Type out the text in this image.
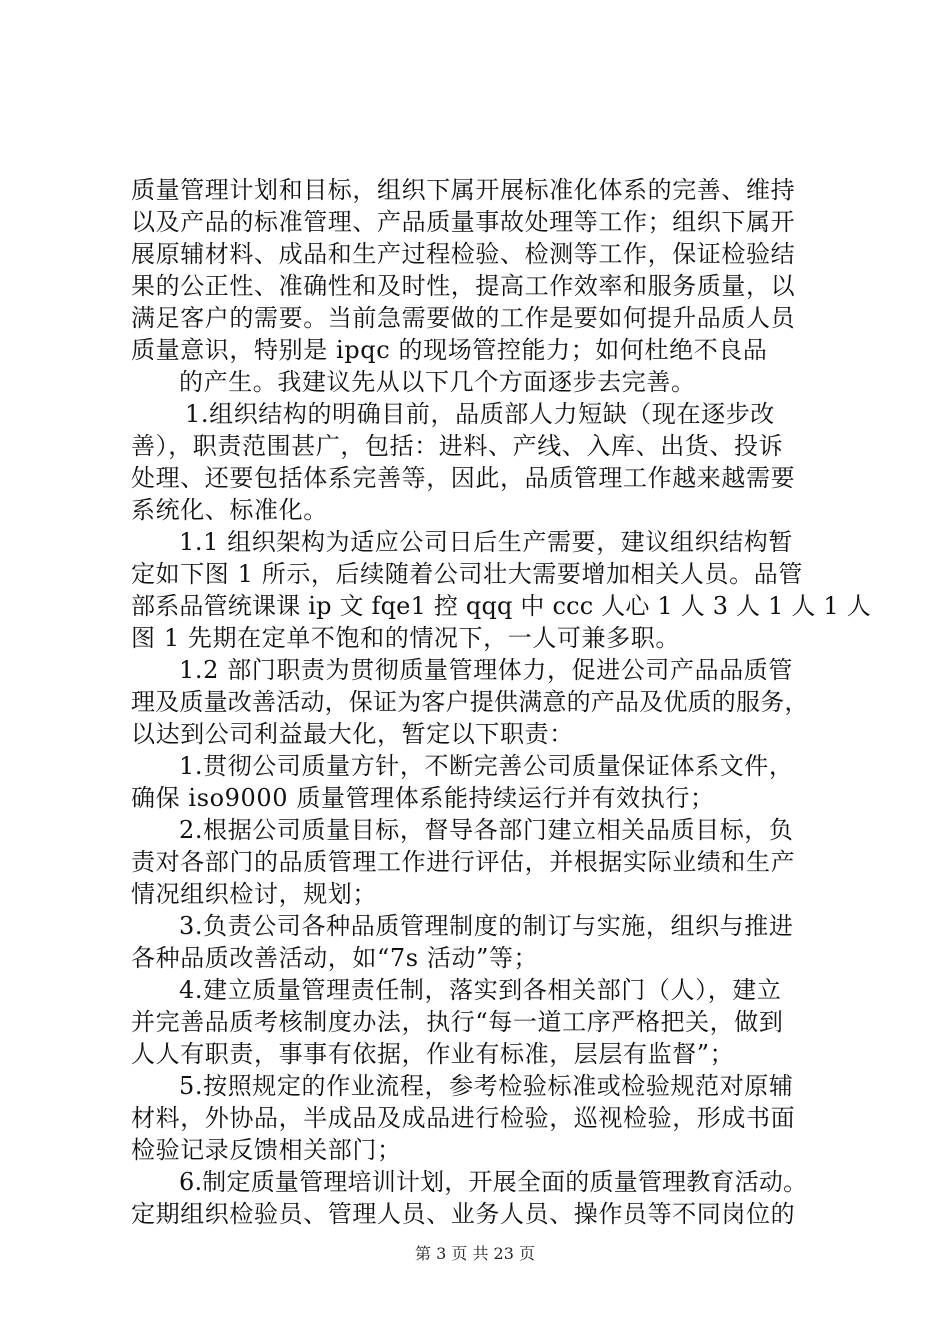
质量管理计划和目标，组织下属开展标准化体系的完善、维持
以及产品的标准管理、产品质量事故处理等工作；组织下属开
展原辅材料、成品和生产过程检验、检测等工作，保证检验结
果的公正性、准确性和及时性，提高工作效率和服务质量，以
满足客户的需要。当前急需要做的工作是要如何提升品质人员
质量意识，特别是 ipqc 的现场管控能力；如何杜绝不良品
的产生。我建议先从以下几个方面逐步去完善。
1.组织结构的明确目前，品质部人力短缺（现在逐步改
善），职责范围甚广，包括：进料、产线、入库、出货、投诉
处理、还要包括体系完善等，因此，品质管理工作越来越需要
系统化、标准化。
1.1 组织架构为适应公司日后生产需要，建议组织结构暂
定如下图 1 所示，后续随着公司壮大需要增加相关人员。品管
部系品管统课课 ip 文 fqe1 控 qqq 中 ccc 人心 1 人 3 人 1 人 1 人
图 1 先期在定单不饱和的情况下，一人可兼多职。
1.2 部门职责为贯彻质量管理体力，促进公司产品品质管
理及质量改善活动，保证为客户提供满意的产品及优质的服务，
以达到公司利益最大化，暂定以下职责：
1.贯彻公司质量方针，不断完善公司质量保证体系文件，
确保 iso9000 质量管理体系能持续运行并有效执行；
2.根据公司质量目标，督导各部门建立相关品质目标，负
责对各部门的品质管理工作进行评估，并根据实际业绩和生产
情况组织检讨，规划；
3.负责公司各种品质管理制度的制订与实施，组织与推进
各种品质改善活动，如“7s 活动”等；
4.建立质量管理责任制，落实到各相关部门（人），建立
并完善品质考核制度办法，执行“每一道工序严格把关，做到
人人有职责，事事有依据，作业有标准，层层有监督”；
5.按照规定的作业流程，参考检验标准或检验规范对原辅
材料，外协品，半成品及成品进行检验，巡视检验，形成书面
检验记录反馈相关部门；
6.制定质量管理培训计划，开展全面的质量管理教育活动。
定期组织检验员、管理人员、业务人员、操作员等不同岗位的
第 3 页 共 23 页
